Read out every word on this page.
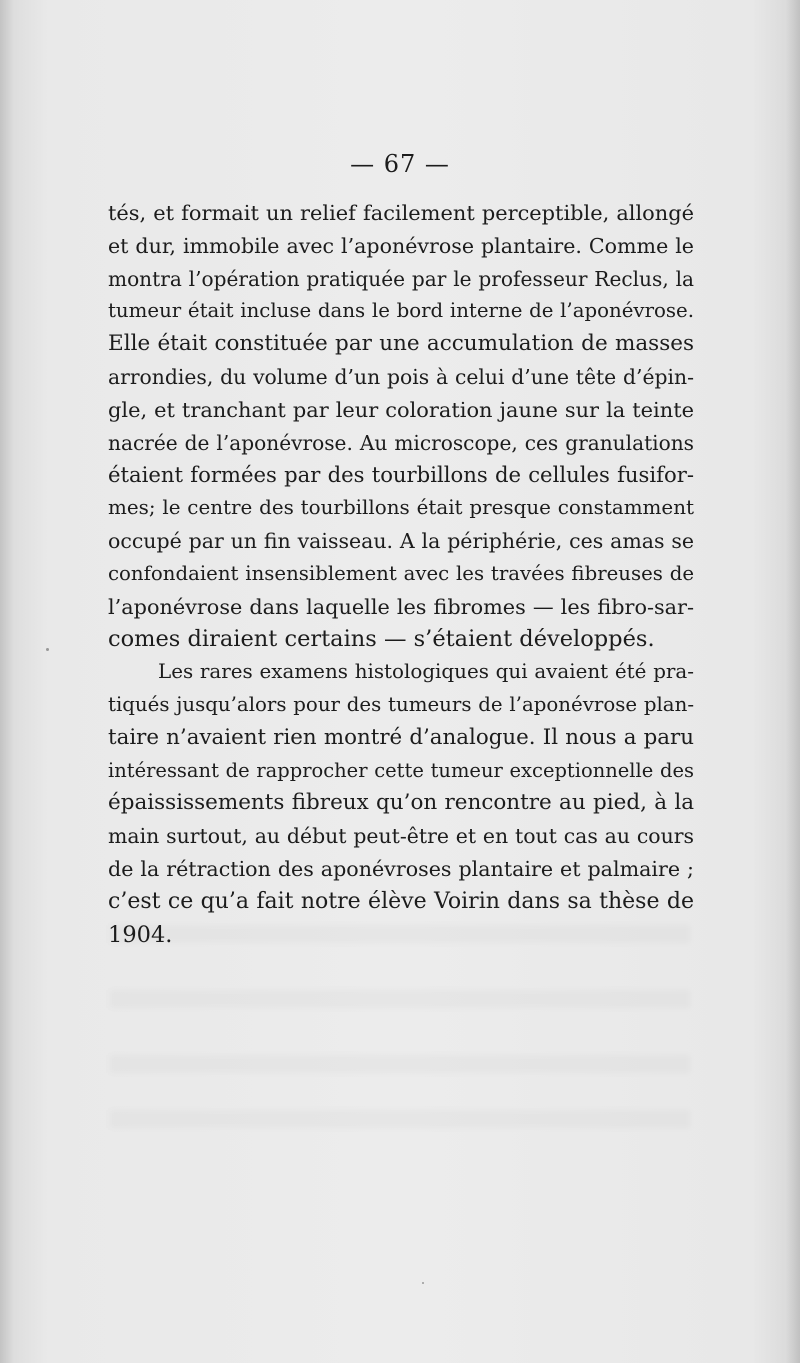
— 67 —
tés, et formait un relief facilement perceptible, allongé
et dur, immobile avec l’aponévrose plantaire. Comme le
montra l’opération pratiquée par le professeur Reclus, la
tumeur était incluse dans le bord interne de l’aponévrose.
Elle était constituée par une accumulation de masses
arrondies, du volume d’un pois à celui d’une tête d’épin-
gle, et tranchant par leur coloration jaune sur la teinte
nacrée de l’aponévrose. Au microscope, ces granulations
étaient formées par des tourbillons de cellules fusifor-
mes; le centre des tourbillons était presque constamment
occupé par un fin vaisseau. A la périphérie, ces amas se
confondaient insensiblement avec les travées fibreuses de
l’aponévrose dans laquelle les fibromes — les fibro-sar-
comes diraient certains — s’étaient développés.
Les rares examens histologiques qui avaient été pra-
tiqués jusqu’alors pour des tumeurs de l’aponévrose plan-
taire n’avaient rien montré d’analogue. Il nous a paru
intéressant de rapprocher cette tumeur exceptionnelle des
épaississements fibreux qu’on rencontre au pied, à la
main surtout, au début peut-être et en tout cas au cours
de la rétraction des aponévroses plantaire et palmaire ;
c’est ce qu’a fait notre élève Voirin dans sa thèse de
1904.
